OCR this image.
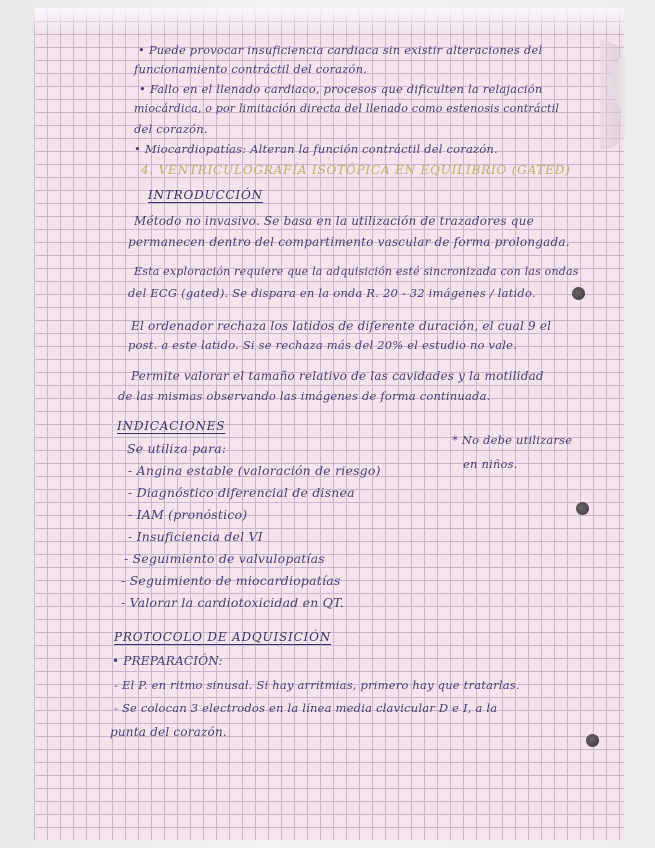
• Puede provocar insuficiencia cardiaca sin existir alteraciones del
funcionamiento contráctil del corazón.
• Fallo en el llenado cardiaco, procesos que dificulten la relajación
miocárdica, o por limitación directa del llenado como estenosis contráctil
del corazón.
• Miocardiopatías: Alteran la función contráctil del corazón.
4. VENTRICULOGRAFÍA ISOTÓPICA EN EQUILIBRIO (GATED)
INTRODUCCIÓN
Método no invasivo. Se basa en la utilización de trazadores que
permanecen dentro del compartimento vascular de forma prolongada.
Esta exploración requiere que la adquisición esté sincronizada con las ondas
del ECG (gated). Se dispara en la onda R. 20 - 32 imágenes / latido.
El ordenador rechaza los latidos de diferente duración, el cual 9 el
post. a este latido. Si se rechaza más del 20% el estudio no vale.
Permite valorar el tamaño relativo de las cavidades y la motilidad
de las mismas observando las imágenes de forma continuada.
INDICACIONES
Se utiliza para:
- Angina estable (valoración de riesgo)
- Diagnóstico diferencial de disnea
- IAM (pronóstico)
- Insuficiencia del VI
- Seguimiento de valvulopatías
- Seguimiento de miocardiopatías
- Valorar la cardiotoxicidad en QT.
* No debe utilizarse
en niños.
PROTOCOLO DE ADQUISICIÓN
• PREPARACIÓN:
- El P. en ritmo sinusal. Si hay arritmias, primero hay que tratarlas.
- Se colocan 3 electrodos en la línea media clavicular D e I, a la
punta del corazón.
